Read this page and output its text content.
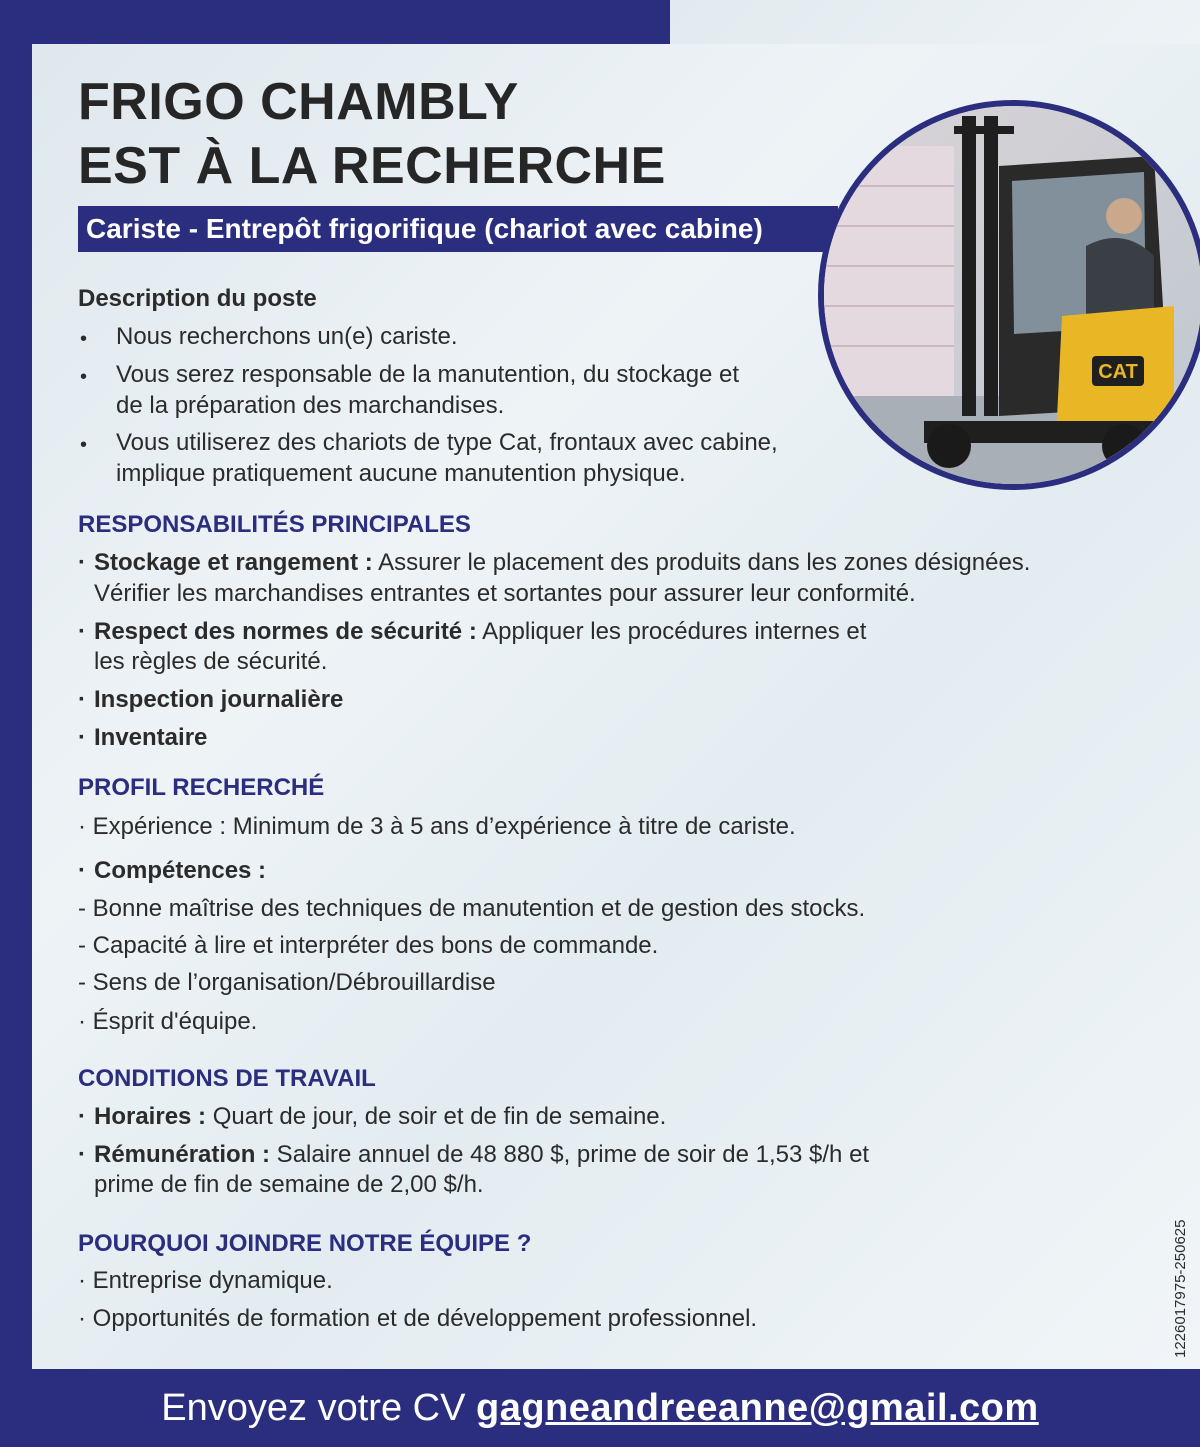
FRIGO CHAMBLY
EST À LA RECHERCHE
Cariste - Entrepôt frigorifique (chariot avec cabine)
CAT
Description du poste
• Nous recherchons un(e) cariste.
• Vous serez responsable de la manutention, du stockage et
de la préparation des marchandises.
• Vous utiliserez des chariots de type Cat, frontaux avec cabine,
implique pratiquement aucune manutention physique.
RESPONSABILITÉS PRINCIPALES
· Stockage et rangement : Assurer le placement des produits dans les zones désignées.
Vérifier les marchandises entrantes et sortantes pour assurer leur conformité.
· Respect des normes de sécurité : Appliquer les procédures internes et
les règles de sécurité.
· Inspection journalière
· Inventaire
PROFIL RECHERCHÉ
· Expérience : Minimum de 3 à 5 ans d’expérience à titre de cariste.
· Compétences :
- Bonne maîtrise des techniques de manutention et de gestion des stocks.
- Capacité à lire et interpréter des bons de commande.
- Sens de l’organisation/Débrouillardise
· Ésprit d'équipe.
CONDITIONS DE TRAVAIL
· Horaires : Quart de jour, de soir et de fin de semaine.
· Rémunération : Salaire annuel de 48 880 $, prime de soir de 1,53 $/h et
prime de fin de semaine de 2,00 $/h.
POURQUOI JOINDRE NOTRE ÉQUIPE ?
· Entreprise dynamique.
· Opportunités de formation et de développement professionnel.	1226017975-250625
Envoyez votre CV gagneandreeanne@gmail.com
